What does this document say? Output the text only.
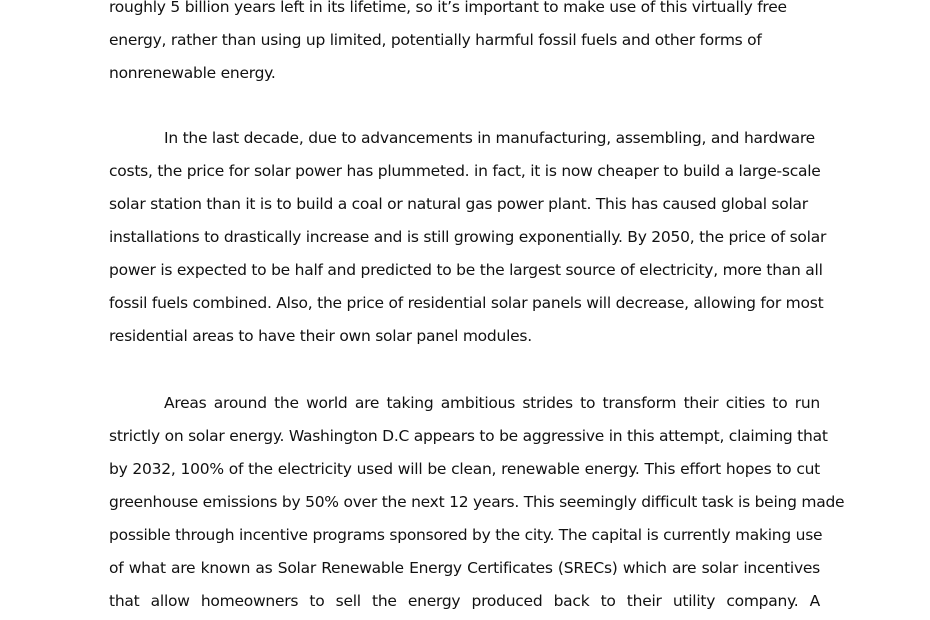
roughly 5 billion years left in its lifetime, so it’s important to make use of this virtually free
energy, rather than using up limited, potentially harmful fossil fuels and other forms of
nonrenewable energy.
In the last decade, due to advancements in manufacturing, assembling, and hardware
costs, the price for solar power has plummeted. in fact, it is now cheaper to build a large-scale
solar station than it is to build a coal or natural gas power plant. This has caused global solar
installations to drastically increase and is still growing exponentially. By 2050, the price of solar
power is expected to be half and predicted to be the largest source of electricity, more than all
fossil fuels combined. Also, the price of residential solar panels will decrease, allowing for most
residential areas to have their own solar panel modules.
Areas around the world are taking ambitious strides to transform their cities to run
strictly on solar energy. Washington D.C appears to be aggressive in this attempt, claiming that
by 2032, 100% of the electricity used will be clean, renewable energy. This effort hopes to cut
greenhouse emissions by 50% over the next 12 years. This seemingly difficult task is being made
possible through incentive programs sponsored by the city. The capital is currently making use
of what are known as Solar Renewable Energy Certificates (SRECs) which are solar incentives
that allow homeowners to sell the energy produced back to their utility company. A
